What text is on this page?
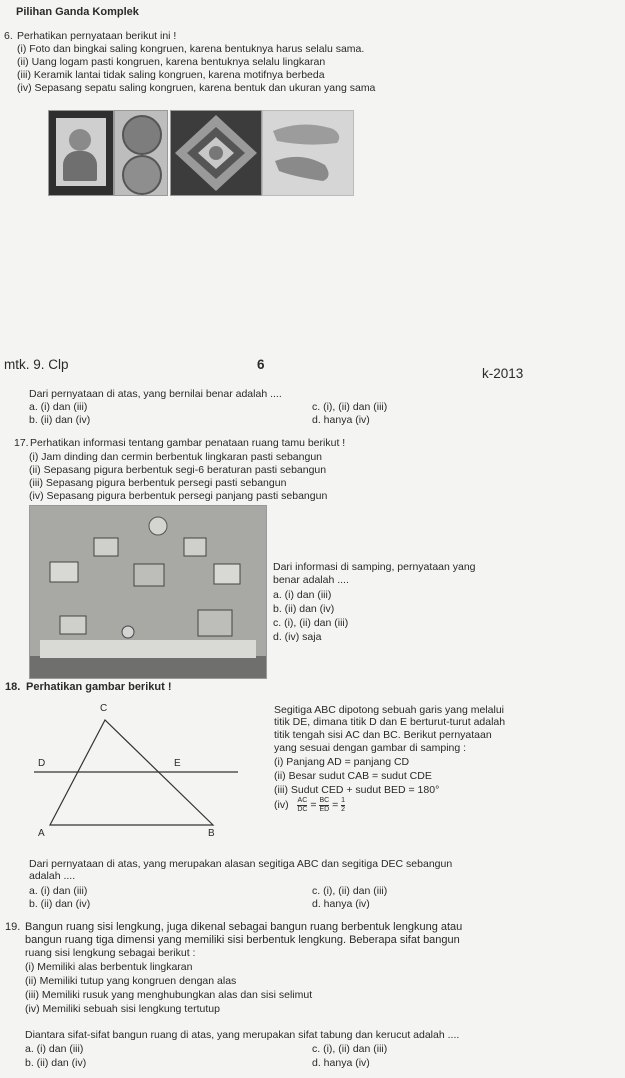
Pilihan Ganda Komplek
6. Perhatikan pernyataan berikut ini !
(i) Foto dan bingkai saling kongruen, karena bentuknya harus selalu sama.
(ii) Uang logam pasti kongruen, karena bentuknya selalu lingkaran
(iii) Keramik lantai tidak saling kongruen, karena motifnya berbeda
(iv) Sepasang sepatu saling kongruen, karena bentuk dan ukuran yang sama
mtk. 9. Clp	6
k-2013
Dari pernyataan di atas, yang bernilai benar adalah ....
a. (i) dan (iii)	c. (i), (ii) dan (iii)
b. (ii) dan (iv)	d. hanya (iv)
17. Perhatikan informasi tentang gambar penataan ruang tamu berikut !
(i) Jam dinding dan cermin berbentuk lingkaran pasti sebangun
(ii) Sepasang pigura berbentuk segi-6 beraturan pasti sebangun
(iii) Sepasang pigura berbentuk persegi pasti sebangun
(iv) Sepasang pigura berbentuk persegi panjang pasti sebangun
Dari informasi di samping, pernyataan yang
benar adalah ....
a. (i) dan (iii)
b. (ii) dan (iv)
c. (i), (ii) dan (iii)
d. (iv) saja
18. Perhatikan gambar berikut !
C
D	E
A	B
Segitiga ABC dipotong sebuah garis yang melalui
titik DE, dimana titik D dan E berturut-turut adalah
titik tengah sisi AC dan BC. Berikut pernyataan
yang sesuai dengan gambar di samping :
(i) Panjang AD = panjang CD
(ii) Besar sudut CAB = sudut CDE
(iii) Sudut CED + sudut BED = 180°
$(iv) \frac{AC}{DC} = \frac{BC}{ED} = \frac{1}{2}$
Dari pernyataan di atas, yang merupakan alasan segitiga ABC dan segitiga DEC sebangun
adalah ....
a. (i) dan (iii)	c. (i), (ii) dan (iii)
b. (ii) dan (iv)	d. hanya (iv)
19. Bangun ruang sisi lengkung, juga dikenal sebagai bangun ruang berbentuk lengkung atau
bangun ruang tiga dimensi yang memiliki sisi berbentuk lengkung. Beberapa sifat bangun
ruang sisi lengkung sebagai berikut :
(i) Memiliki alas berbentuk lingkaran
(ii) Memiliki tutup yang kongruen dengan alas
(iii) Memiliki rusuk yang menghubungkan alas dan sisi selimut
(iv) Memiliki sebuah sisi lengkung tertutup
Diantara sifat-sifat bangun ruang di atas, yang merupakan sifat tabung dan kerucut adalah ....
a. (i) dan (iii)	c. (i), (ii) dan (iii)
b. (ii) dan (iv)	d. hanya (iv)
